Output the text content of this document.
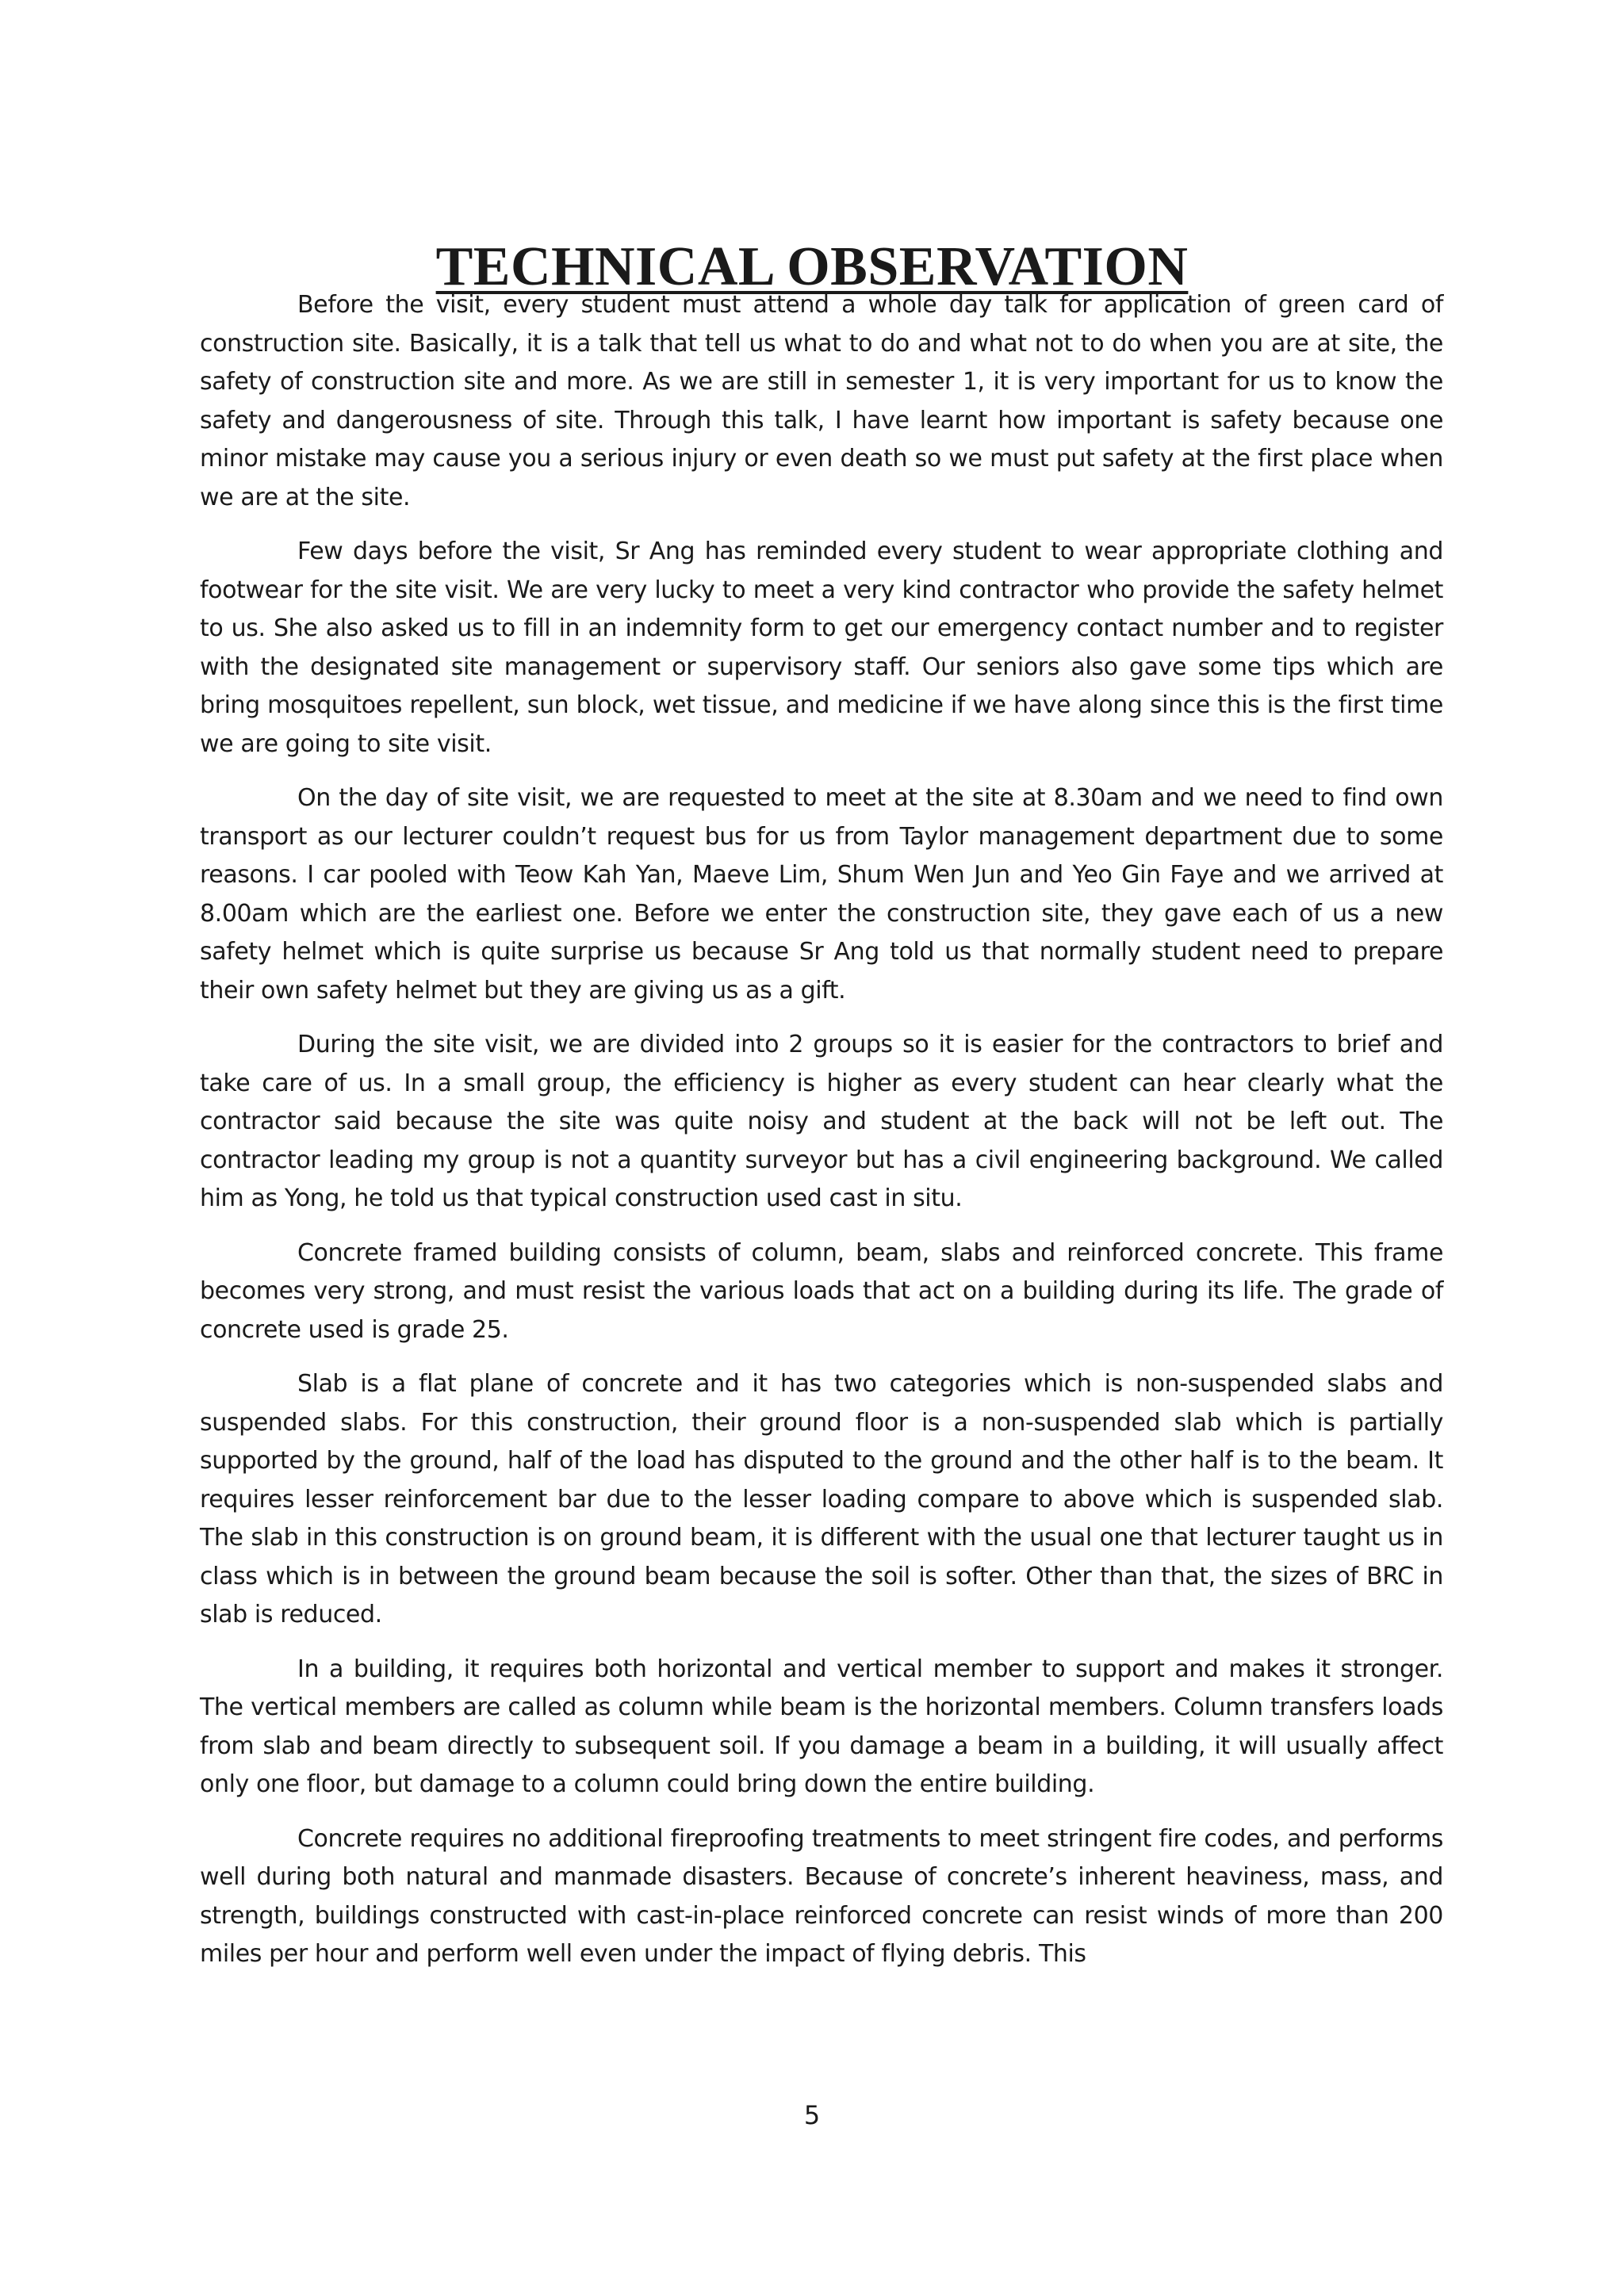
TECHNICAL OBSERVATION

Before the visit, every student must attend a whole day talk for application of green card of construction site. Basically, it is a talk that tell us what to do and what not to do when you are at site, the safety of construction site and more. As we are still in semester 1, it is very important for us to know the safety and dangerousness of site. Through this talk, I have learnt how important is safety because one minor mistake may cause you a serious injury or even death so we must put safety at the first place when we are at the site.

Few days before the visit, Sr Ang has reminded every student to wear appropriate clothing and footwear for the site visit. We are very lucky to meet a very kind contractor who provide the safety helmet to us. She also asked us to fill in an indemnity form to get our emergency contact number and to register with the designated site management or supervisory staff. Our seniors also gave some tips which are bring mosquitoes repellent, sun block, wet tissue, and medicine if we have along since this is the first time we are going to site visit.

On the day of site visit, we are requested to meet at the site at 8.30am and we need to find own transport as our lecturer couldn’t request bus for us from Taylor management department due to some reasons. I car pooled with Teow Kah Yan, Maeve Lim, Shum Wen Jun and Yeo Gin Faye and we arrived at 8.00am which are the earliest one. Before we enter the construction site, they gave each of us a new safety helmet which is quite surprise us because Sr Ang told us that normally student need to prepare their own safety helmet but they are giving us as a gift.

During the site visit, we are divided into 2 groups so it is easier for the contractors to brief and take care of us. In a small group, the efficiency is higher as every student can hear clearly what the contractor said because the site was quite noisy and student at the back will not be left out. The contractor leading my group is not a quantity surveyor but has a civil engineering background. We called him as Yong, he told us that typical construction used cast in situ.

Concrete framed building consists of column, beam, slabs and reinforced concrete. This frame becomes very strong, and must resist the various loads that act on a building during its life. The grade of concrete used is grade 25.

Slab is a flat plane of concrete and it has two categories which is non-suspended slabs and suspended slabs. For this construction, their ground floor is a non-suspended slab which is partially supported by the ground, half of the load has disputed to the ground and the other half is to the beam. It requires lesser reinforcement bar due to the lesser loading compare to above which is suspended slab. The slab in this construction is on ground beam, it is different with the usual one that lecturer taught us in class which is in between the ground beam because the soil is softer. Other than that, the sizes of BRC in slab is reduced.

In a building, it requires both horizontal and vertical member to support and makes it stronger. The vertical members are called as column while beam is the horizontal members. Column transfers loads from slab and beam directly to subsequent soil. If you damage a beam in a building, it will usually affect only one floor, but damage to a column could bring down the entire building.

Concrete requires no additional fireproofing treatments to meet stringent fire codes, and performs well during both natural and manmade disasters. Because of concrete’s inherent heaviness, mass, and strength, buildings constructed with cast-in-place reinforced concrete can resist winds of more than 200 miles per hour and perform well even under the impact of flying debris. This

5
